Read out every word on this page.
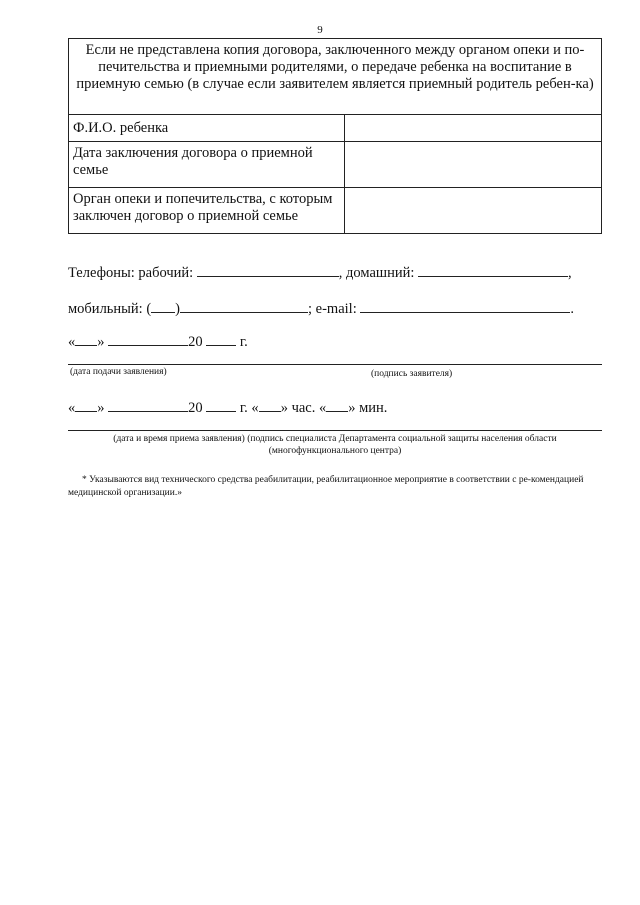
9
Если не представлена копия договора, заключенного между органом опеки и по-печительства и приемными родителями, о передаче ребенка на воспитание в приемную семью (в случае если заявителем является приемный родитель ребен-ка)	
Ф.И.О. ребенка	
Дата заключения договора о приемной семье	
Орган опеки и попечительства, с которым заключен договор о приемной семье	
Телефоны: рабочий:	, домашний:	,
мобильный: ( )	; e-mail:	.
« »	20	г.
(дата подачи заявления)	(подпись заявителя)
« »	20	г. « » час. « » мин.
(дата и время приема заявления) (подпись специалиста Департамента социальной защиты населения области (многофункционального центра)
* Указываются вид технического средства реабилитации, реабилитационное мероприятие в соответствии с ре-комендацией медицинской организации.»
